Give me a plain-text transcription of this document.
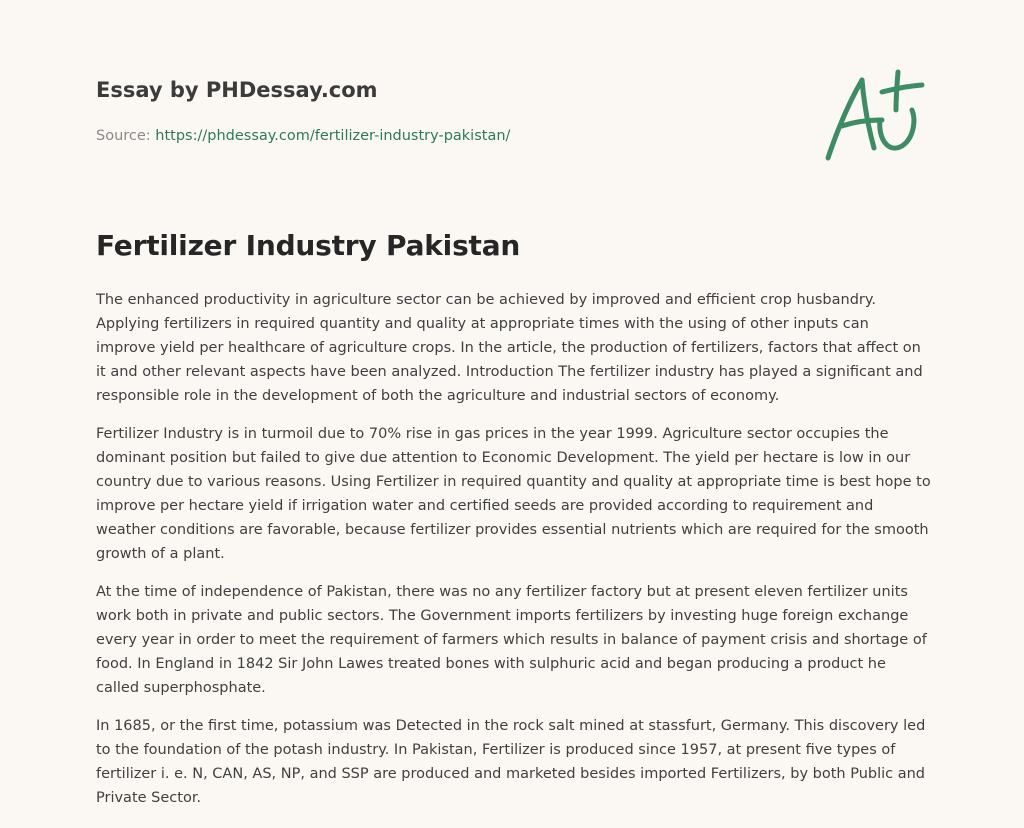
Essay by PHDessay.com
Source: https://phdessay.com/fertilizer-industry-pakistan/
Fertilizer Industry Pakistan

The enhanced productivity in agriculture sector can be achieved by improved and efficient crop husbandry. Applying fertilizers in required quantity and quality at appropriate times with the using of other inputs can improve yield per healthcare of agriculture crops. In the article, the production of fertilizers, factors that affect on it and other relevant aspects have been analyzed. Introduction The fertilizer industry has played a significant and responsible role in the development of both the agriculture and industrial sectors of economy.

Fertilizer Industry is in turmoil due to 70% rise in gas prices in the year 1999. Agriculture sector occupies the dominant position but failed to give due attention to Economic Development. The yield per hectare is low in our country due to various reasons. Using Fertilizer in required quantity and quality at appropriate time is best hope to improve per hectare yield if irrigation water and certified seeds are provided according to requirement and weather conditions are favorable, because fertilizer provides essential nutrients which are required for the smooth growth of a plant.

At the time of independence of Pakistan, there was no any fertilizer factory but at present eleven fertilizer units work both in private and public sectors. The Government imports fertilizers by investing huge foreign exchange every year in order to meet the requirement of farmers which results in balance of payment crisis and shortage of food. In England in 1842 Sir John Lawes treated bones with sulphuric acid and began producing a product he called superphosphate.

In 1685, or the first time, potassium was Detected in the rock salt mined at stassfurt, Germany. This discovery led to the foundation of the potash industry. In Pakistan, Fertilizer is produced since 1957, at present five types of fertilizer i. e. N, CAN, AS, NP, and SSP are produced and marketed besides imported Fertilizers, by both Public and Private Sector.
